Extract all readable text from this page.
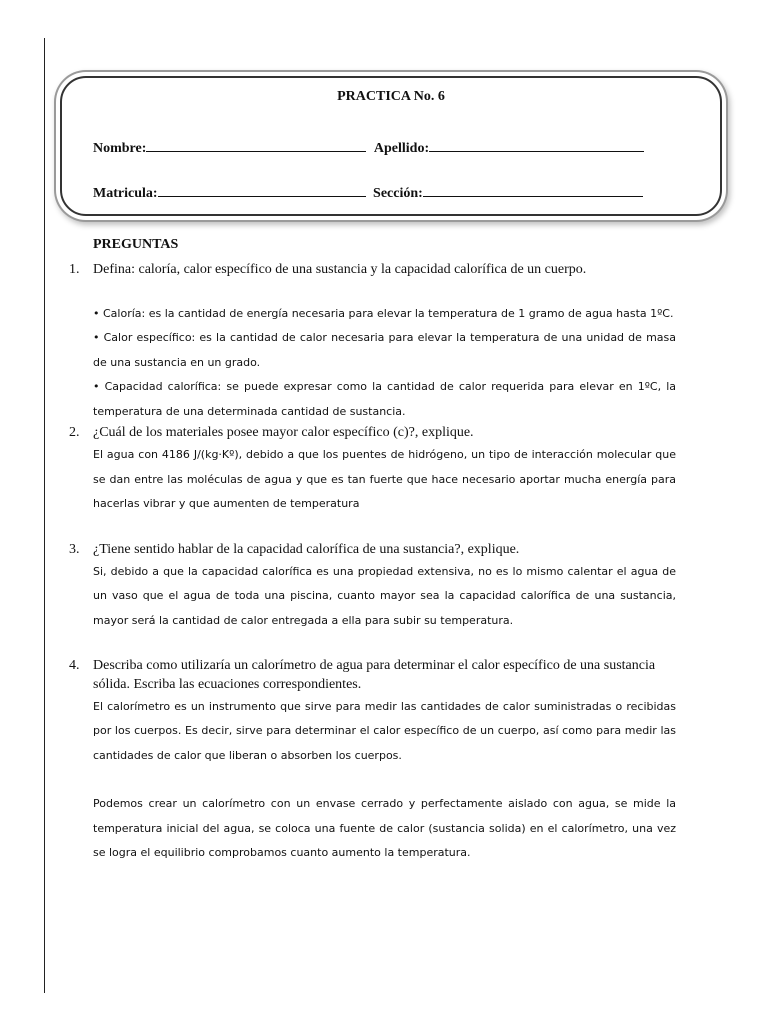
PRACTICA No. 6
Nombre:	Apellido:
Matricula:	Sección:
PREGUNTAS
1. Defina: caloría, calor específico de una sustancia y la capacidad calorífica de un cuerpo.

• Caloría: es la cantidad de energía necesaria para elevar la temperatura de 1 gramo de agua hasta 1ºC.

• Calor específico: es la cantidad de calor necesaria para elevar la temperatura de una unidad de masa de una sustancia en un grado.

• Capacidad calorífica: se puede expresar como la cantidad de calor requerida para elevar en 1ºC, la temperatura de una determinada cantidad de sustancia.

2. ¿Cuál de los materiales posee mayor calor específico (c)?, explique.

El agua con 4186 J/(kg·Kº), debido a que los puentes de hidrógeno, un tipo de interacción molecular que se dan entre las moléculas de agua y que es tan fuerte que hace necesario aportar mucha energía para hacerlas vibrar y que aumenten de temperatura

3. ¿Tiene sentido hablar de la capacidad calorífica de una sustancia?, explique.

Si, debido a que la capacidad calorífica es una propiedad extensiva, no es lo mismo calentar el agua de un vaso que el agua de toda una piscina, cuanto mayor sea la capacidad calorífica de una sustancia, mayor será la cantidad de calor entregada a ella para subir su temperatura.

4. Describa como utilizaría un calorímetro de agua para determinar el calor específico de una sustancia sólida. Escriba las ecuaciones correspondientes.

El calorímetro es un instrumento que sirve para medir las cantidades de calor suministradas o recibidas por los cuerpos. Es decir, sirve para determinar el calor específico de un cuerpo, así como para medir las cantidades de calor que liberan o absorben los cuerpos.

Podemos crear un calorímetro con un envase cerrado y perfectamente aislado con agua, se mide la temperatura inicial del agua, se coloca una fuente de calor (sustancia solida) en el calorímetro, una vez se logra el equilibrio comprobamos cuanto aumento la temperatura.
